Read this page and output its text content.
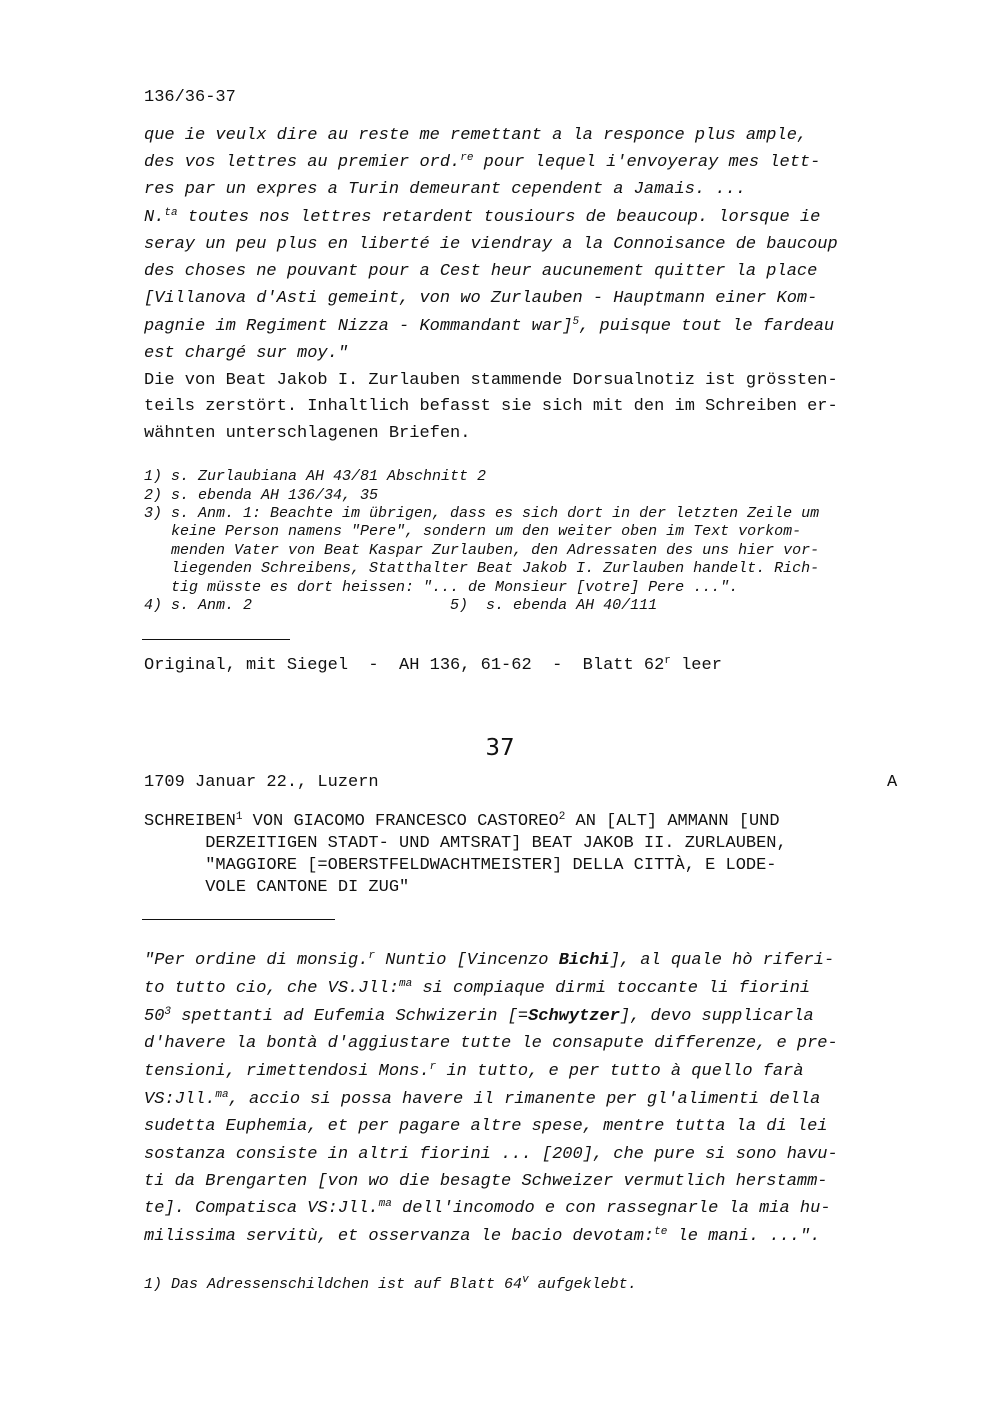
136/36-37
que ie veulx dire au reste me remettant a la responce plus ample,
des vos lettres au premier ord.$^{re}$ pour lequel i'envoyeray mes lett-
res par un expres a Turin demeurant cependent a Jamais. ...
N.$^{ta}$ toutes nos lettres retardent tousiours de beaucoup. lorsque ie
seray un peu plus en liberté ie viendray a la Connoisance de baucoup
des choses ne pouvant pour a Cest heur aucunement quitter la place
[Villanova d'Asti gemeint, von wo Zurlauben - Hauptmann einer Kom-
pagnie im Regiment Nizza - Kommandant war]$^5$, puisque tout le fardeau
est chargé sur moy."
Die von Beat Jakob I. Zurlauben stammende Dorsualnotiz ist grössten-
teils zerstört. Inhaltlich befasst sie sich mit den im Schreiben er-
wähnten unterschlagenen Briefen.
1) s. Zurlaubiana AH 43/81 Abschnitt 2
2) s. ebenda AH 136/34, 35
3) s. Anm. 1: Beachte im übrigen, dass es sich dort in der letzten Zeile um
keine Person namens "Pere", sondern um den weiter oben im Text vorkom-
menden Vater von Beat Kaspar Zurlauben, den Adressaten des uns hier vor-
liegenden Schreibens, Statthalter Beat Jakob I. Zurlauben handelt. Rich-
tig müsste es dort heissen: "... de Monsieur [votre] Pere ...".
4) s. Anm. 2                      5)  s. ebenda AH 40/111
Original, mit Siegel  -  AH 136, 61-62  -  Blatt 62$^r$ leer
37
1709 Januar 22., Luzern	A
SCHREIBEN$^1$ VON GIACOMO FRANCESCO CASTOREO$^2$ AN [ALT] AMMANN [UND
DERZEITIGEN STADT- UND AMTSRAT] BEAT JAKOB II. ZURLAUBEN,
"MAGGIORE [=OBERSTFELDWACHTMEISTER] DELLA CITTÀ, E LODE-
VOLE CANTONE DI ZUG"
"Per ordine di monsig.$^r$ Nuntio [Vincenzo Bichi], al quale hò riferi-
to tutto cio, che VS.Jll:$^{ma}$ si compiaque dirmi toccante li fiorini
$50^3$ spettanti ad Eufemia Schwizerin [=Schwytzer], devo supplicarla
d'havere la bontà d'aggiustare tutte le consapute differenze, e pre-
tensioni, rimettendosi Mons.$^r$ in tutto, e per tutto à quello farà
VS:Jll.$^{ma}$, accio si possa havere il rimanente per gl'alimenti della
sudetta Euphemia, et per pagare altre spese, mentre tutta la di lei
sostanza consiste in altri fiorini ... [200], che pure si sono havu-
ti da Brengarten [von wo die besagte Schweizer vermutlich herstamm-
te]. Compatisca VS:Jll.$^{ma}$ dell'incomodo e con rassegnarle la mia hu-
milissima servitù, et osservanza le bacio devotam:$^{te}$ le mani. ...".
1) Das Adressenschildchen ist auf Blatt 64$^v$ aufgeklebt.
